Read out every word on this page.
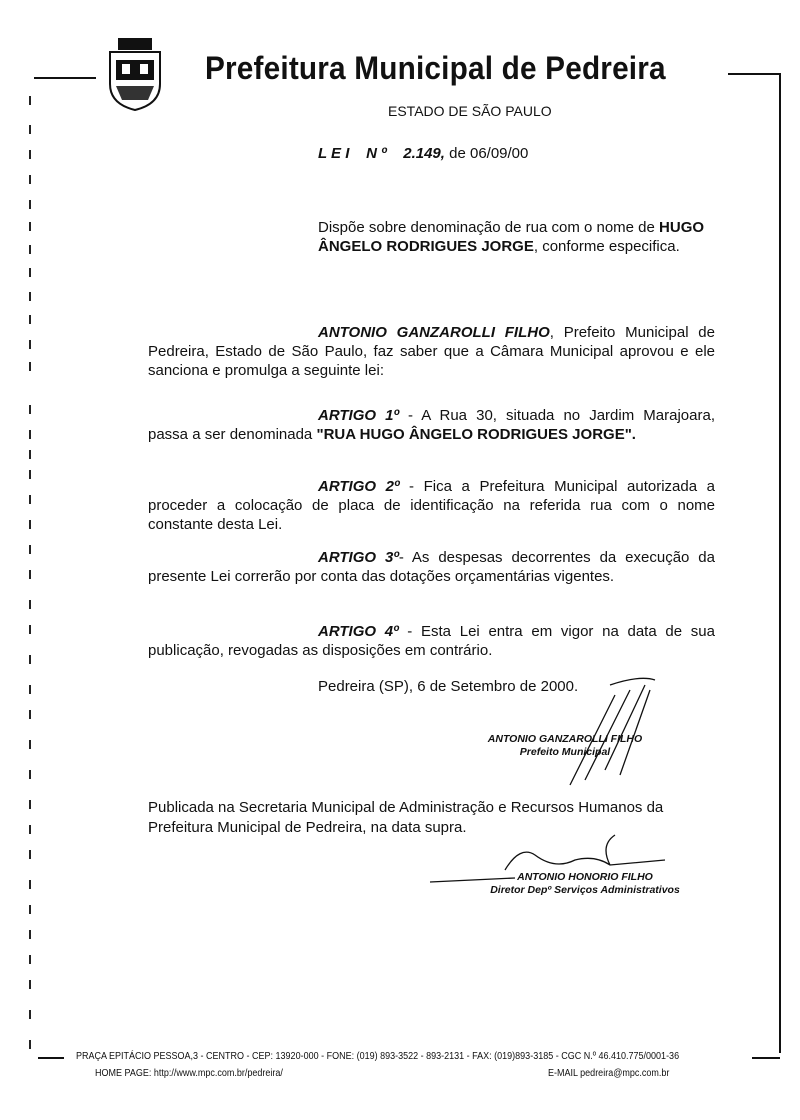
Prefeitura Municipal de Pedreira
ESTADO DE SÃO PAULO
L E I N º 2.149, de 06/09/00
Dispõe sobre denominação de rua com o nome de HUGO ÂNGELO RODRIGUES JORGE, conforme especifica.
ANTONIO GANZAROLLI FILHO, Prefeito Municipal de Pedreira, Estado de São Paulo, faz saber que a Câmara Municipal aprovou e ele sanciona e promulga a seguinte lei:
ARTIGO 1º - A Rua 30, situada no Jardim Marajoara, passa a ser denominada "RUA HUGO ÂNGELO RODRIGUES JORGE".
ARTIGO 2º - Fica a Prefeitura Municipal autorizada a proceder a colocação de placa de identificação na referida rua com o nome constante desta Lei.
ARTIGO 3º- As despesas decorrentes da execução da presente Lei correrão por conta das dotações orçamentárias vigentes.
ARTIGO 4º - Esta Lei entra em vigor na data de sua publicação, revogadas as disposições em contrário.
Pedreira (SP), 6 de Setembro de 2000.
ANTONIO GANZAROLLI FILHO
Prefeito Municipal
Publicada na Secretaria Municipal de Administração e Recursos Humanos da Prefeitura Municipal de Pedreira, na data supra.
ANTONIO HONORIO FILHO
Diretor Depº Serviços Administrativos
PRAÇA EPITÁCIO PESSOA,3 - CENTRO - CEP: 13920-000 - FONE: (019) 893-3522 - 893-2131 - FAX: (019)893-3185 - CGC N.º 46.410.775/0001-36
HOME PAGE: http://www.mpc.com.br/pedreira/	E-MAIL pedreira@mpc.com.br
